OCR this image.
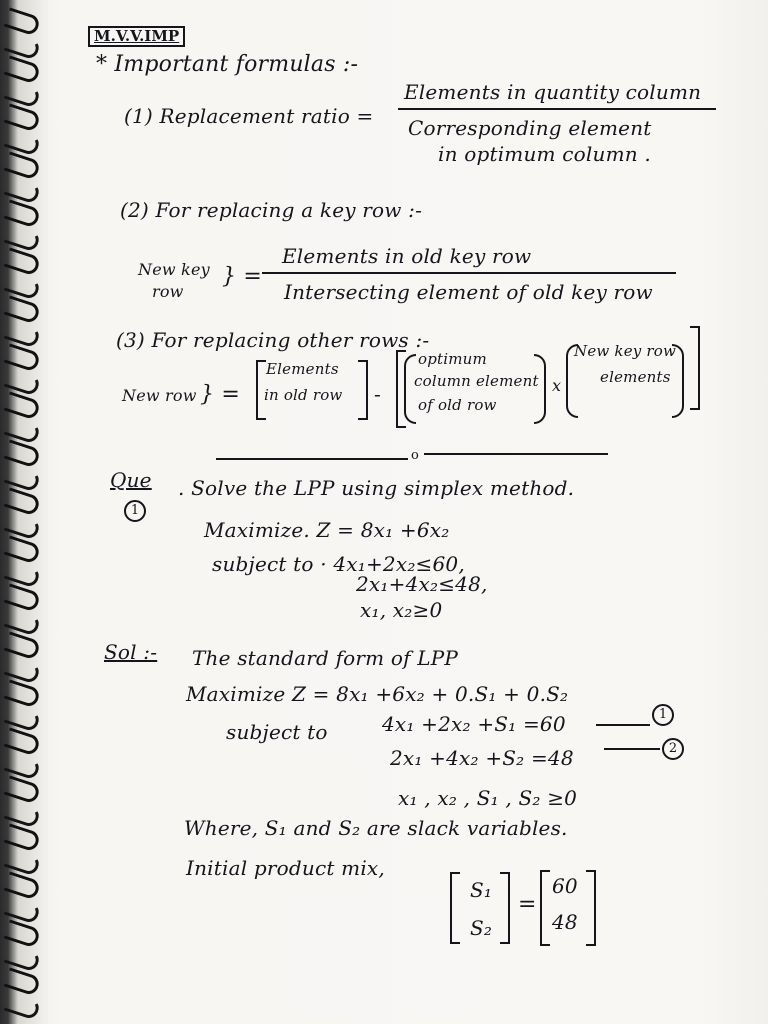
M.V.V.IMP
* Important formulas :-
(1) Replacement ratio =
Elements in quantity column
Corresponding element
in optimum column .
(2) For replacing a key row :-
New key
row
} =
Elements in old key row
Intersecting element of old key row
(3) For replacing other rows :-
New row } =
Elements
in old row -
optimum
column element
of old row
x
New key row
elements
o
Que
1
. Solve the LPP using simplex method.
Maximize. Z = 8x₁ +6x₂
subject to · 4x₁+2x₂≤60,
2x₁+4x₂≤48,
x₁, x₂≥0
Sol :- The standard form of LPP
Maximize Z = 8x₁ +6x₂ + 0.S₁ + 0.S₂
subject to	4x₁ +2x₂ +S₁ =60	1
2x₁ +4x₂ +S₂ =48	2
x₁ , x₂ , S₁ , S₂ ≥0
Where, S₁ and S₂ are slack variables.
Initial product mix,
S₁
S₂
=
60
48
